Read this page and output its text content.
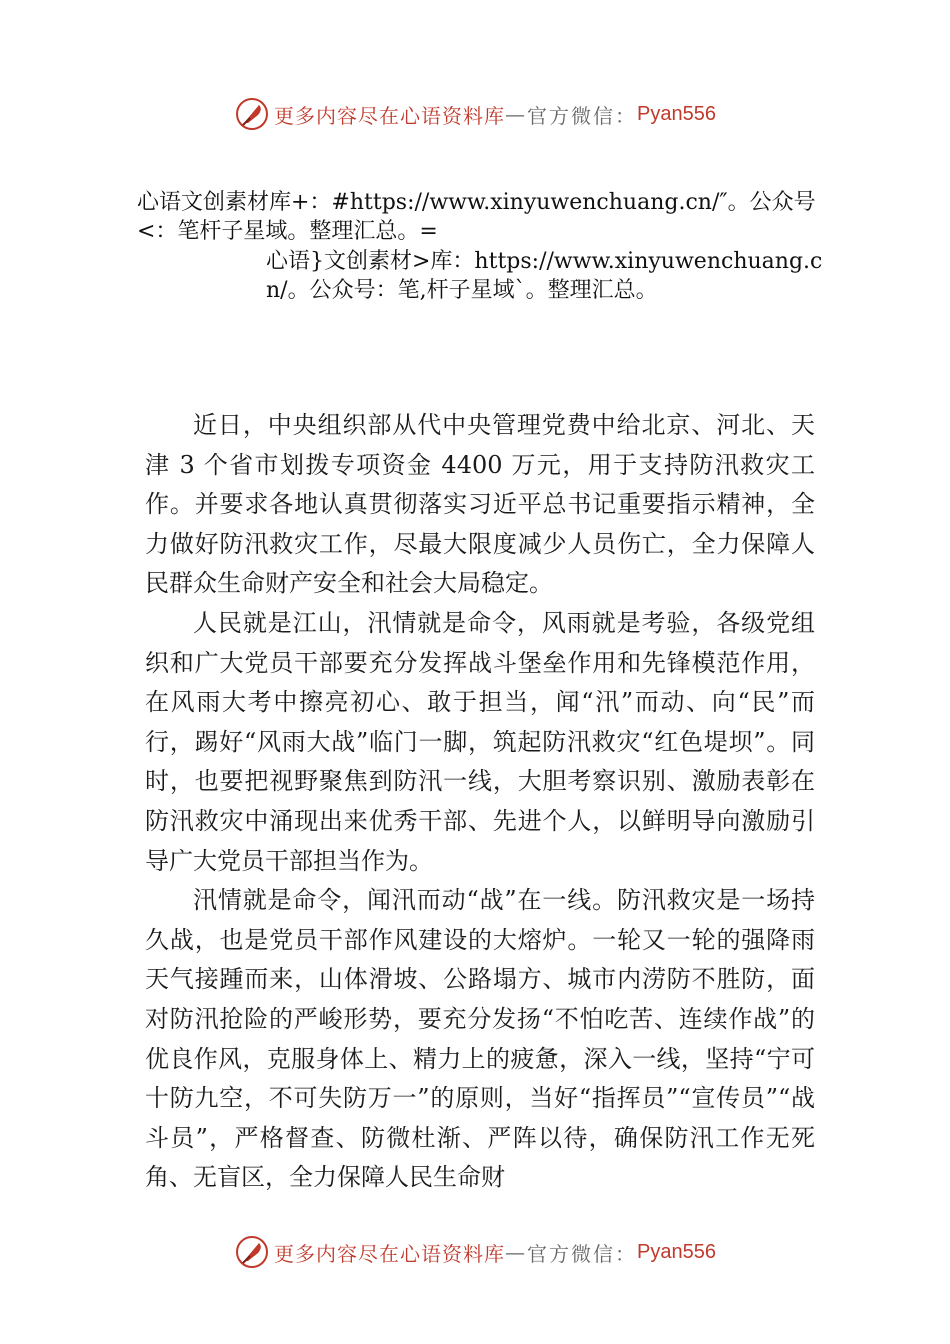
更多内容尽在心语资料库 — 官方微信： Pyan556
心语文创素材库+：#https://www.xinyuwenchuang.cn/″。公众号<：笔杆子星域。整理汇总。=
心语}文创素材>库：https://www.xinyuwenchuang.cn/。公众号：笔,杆子星域`。整理汇总。

近日，中央组织部从代中央管理党费中给北京、河北、天津 3 个省市划拨专项资金 4400 万元，用于支持防汛救灾工作。并要求各地认真贯彻落实习近平总书记重要指示精神，全力做好防汛救灾工作，尽最大限度减少人员伤亡，全力保障人民群众生命财产安全和社会大局稳定。

人民就是江山，汛情就是命令，风雨就是考验，各级党组织和广大党员干部要充分发挥战斗堡垒作用和先锋模范作用，在风雨大考中擦亮初心、敢于担当，闻“汛”而动、向“民”而行，踢好“风雨大战”临门一脚，筑起防汛救灾“红色堤坝”。同时，也要把视野聚焦到防汛一线，大胆考察识别、激励表彰在防汛救灾中涌现出来优秀干部、先进个人，以鲜明导向激励引导广大党员干部担当作为。

汛情就是命令，闻汛而动“战”在一线。防汛救灾是一场持久战，也是党员干部作风建设的大熔炉。一轮又一轮的强降雨天气接踵而来，山体滑坡、公路塌方、城市内涝防不胜防，面对防汛抢险的严峻形势，要充分发扬“不怕吃苦、连续作战”的优良作风，克服身体上、精力上的疲惫，深入一线，坚持“宁可十防九空，不可失防万一”的原则，当好“指挥员”“宣传员”“战斗员”，严格督查、防微杜渐、严阵以待，确保防汛工作无死角、无盲区，全力保障人民生命财

更多内容尽在心语资料库 — 官方微信： Pyan556
